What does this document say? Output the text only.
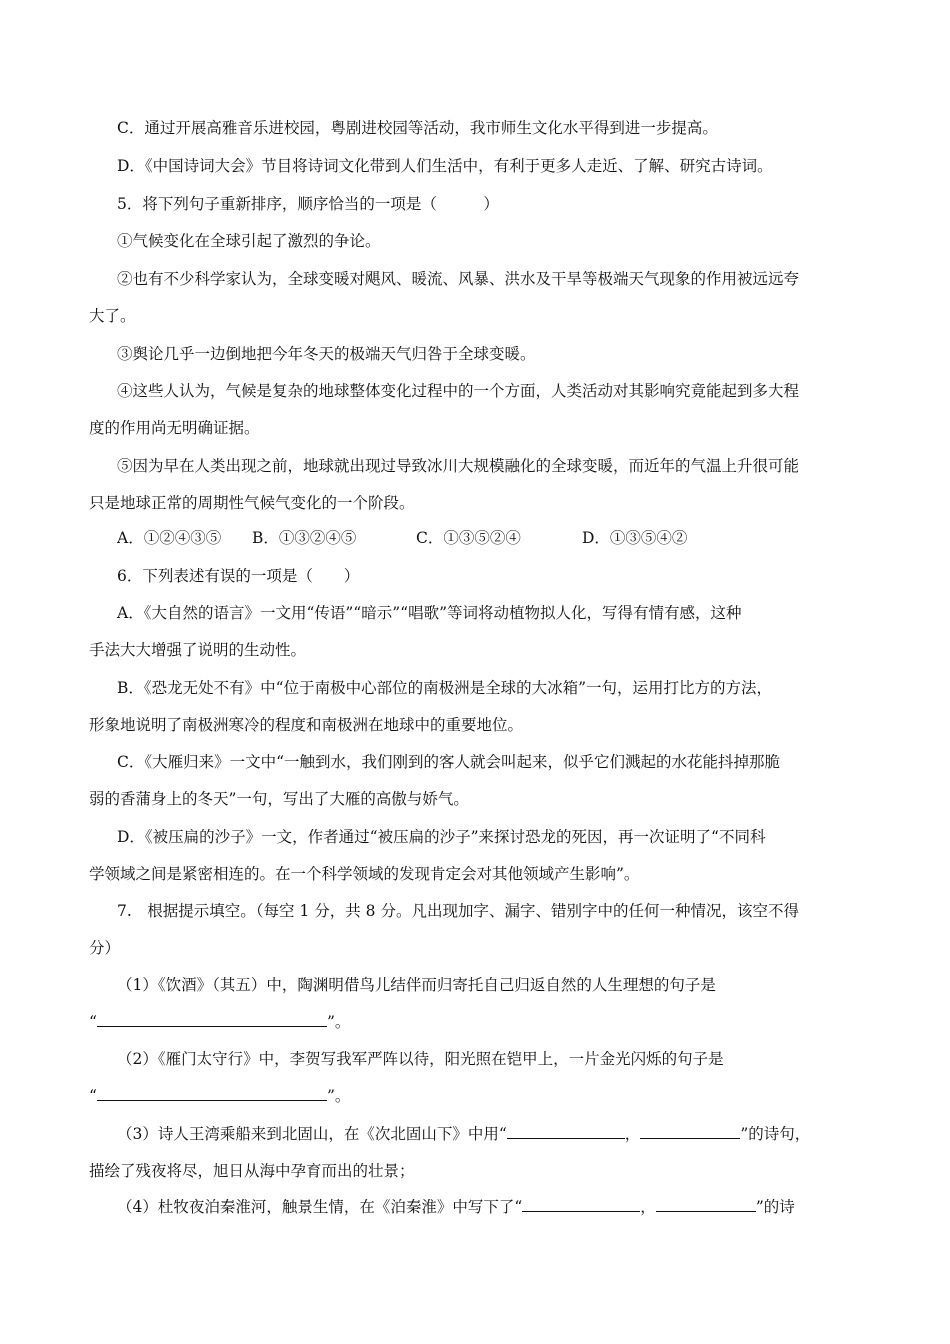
C．通过开展高雅音乐进校园，粤剧进校园等活动，我市师生文化水平得到进一步提高。
D．《中国诗词大会》节目将诗词文化带到人们生活中，有利于更多人走近、了解、研究古诗词。
5．将下列句子重新排序，顺序恰当的一项是（　　　）
①气候变化在全球引起了激烈的争论。
②也有不少科学家认为，全球变暖对飓风、暖流、风暴、洪水及干旱等极端天气现象的作用被远远夸
大了。
③舆论几乎一边倒地把今年冬天的极端天气归咎于全球变暖。
④这些人认为，气候是复杂的地球整体变化过程中的一个方面，人类活动对其影响究竟能起到多大程
度的作用尚无明确证据。
⑤因为早在人类出现之前，地球就出现过导致冰川大规模融化的全球变暖，而近年的气温上升很可能
只是地球正常的周期性气候气变化的一个阶段。
A．①②④③⑤ B．①③②④⑤	C．①③⑤②④	D．①③⑤④②
6．下列表述有误的一项是（　　）
A．《大自然的语言》一文用“传语”“暗示”“唱歌”等词将动植物拟人化，写得有情有感，这种
手法大大增强了说明的生动性。
B．《恐龙无处不有》中“位于南极中心部位的南极洲是全球的大冰箱”一句，运用打比方的方法，
形象地说明了南极洲寒冷的程度和南极洲在地球中的重要地位。
C．《大雁归来》一文中“一触到水，我们刚到的客人就会叫起来，似乎它们溅起的水花能抖掉那脆
弱的香蒲身上的冬天”一句，写出了大雁的高傲与娇气。
D．《被压扁的沙子》一文，作者通过“被压扁的沙子”来探讨恐龙的死因，再一次证明了“不同科
学领域之间是紧密相连的。在一个科学领域的发现肯定会对其他领域产生影响”。
7.　根据提示填空。（每空 1 分，共 8 分。凡出现加字、漏字、错别字中的任何一种情况，该空不得
分）
（1）《饮酒》（其五）中，陶渊明借鸟儿结伴而归寄托自己归返自然的人生理想的句子是
“	”。
（2）《雁门太守行》中，李贺写我军严阵以待，阳光照在铠甲上，一片金光闪烁的句子是
“	”。
（3）诗人王湾乘船来到北固山，在《次北固山下》中用“	，	”的诗句，
描绘了残夜将尽，旭日从海中孕育而出的壮景；
（4）杜牧夜泊秦淮河，触景生情，在《泊秦淮》中写下了“	，	”的诗
